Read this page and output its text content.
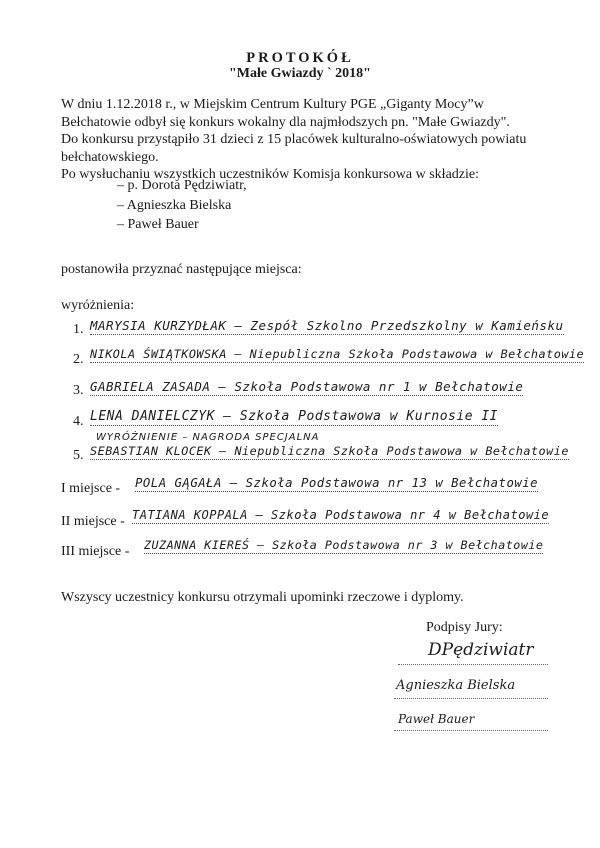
PROTOKÓŁ
"Małe Gwiazdy ` 2018"
W dniu 1.12.2018 r., w Miejskim Centrum Kultury PGE „Giganty Mocy”w
Bełchatowie odbył się konkurs wokalny dla najmłodszych pn. "Małe Gwiazdy".
Do konkursu przystąpiło 31 dzieci z 15 placówek kulturalno-oświatowych powiatu
bełchatowskiego.
Po wysłuchaniu wszystkich uczestników Komisja konkursowa w składzie:
– p. Dorota Pędziwiatr,
– Agnieszka Bielska
– Paweł Bauer
postanowiła przyznać następujące miejsca:
wyróżnienia:
1. MARYSIA KURZYDŁAK – Zespół Szkolno Przedszkolny w Kamieńsku
2. NIKOLA ŚWIĄTKOWSKA – Niepubliczna Szkoła Podstawowa w Bełchatowie
3. GABRIELA ZASADA – Szkoła Podstawowa nr 1 w Bełchatowie
4. LENA DANIELCZYK – Szkoła Podstawowa w Kurnosie II
WYRÓŻNIENIE – NAGRODA SPECJALNA
5. SEBASTIAN KLOCEK – Niepubliczna Szkoła Podstawowa w Bełchatowie
I miejsce - POLA GĄGAŁA – Szkoła Podstawowa nr 13 w Bełchatowie
II miejsce - TATIANA KOPPALA – Szkoła Podstawowa nr 4 w Bełchatowie
III miejsce - ZUZANNA KIEREŚ – Szkoła Podstawowa nr 3 w Bełchatowie
Wszyscy uczestnicy konkursu otrzymali upominki rzeczowe i dyplomy.
Podpisy Jury:
DPędziwiatr
Agnieszka Bielska
Paweł Bauer
